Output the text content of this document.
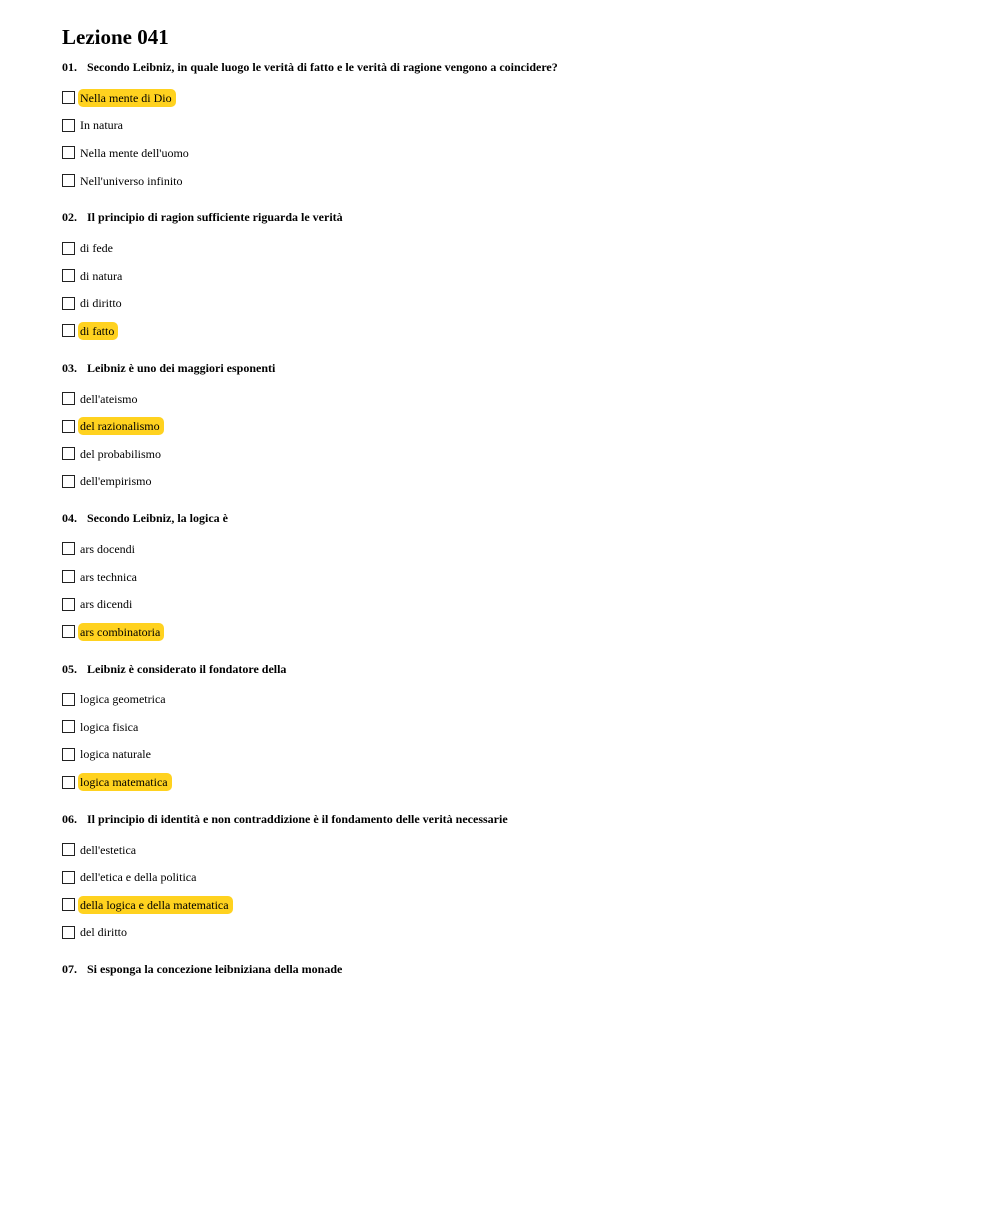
Lezione 041
01. Secondo Leibniz, in quale luogo le verità di fatto e le verità di ragione vengono a coincidere?
Nella mente di Dio
In natura
Nella mente dell'uomo
Nell'universo infinito
02. Il principio di ragion sufficiente riguarda le verità
di fede
di natura
di diritto
di fatto
03. Leibniz è uno dei maggiori esponenti
dell'ateismo
del razionalismo
del probabilismo
dell'empirismo
04. Secondo Leibniz, la logica è
ars docendi
ars technica
ars dicendi
ars combinatoria
05. Leibniz è considerato il fondatore della
logica geometrica
logica fisica
logica naturale
logica matematica
06. Il principio di identità e non contraddizione è il fondamento delle verità necessarie
dell'estetica
dell'etica e della politica
della logica e della matematica
del diritto
07. Si esponga la concezione leibniziana della monade
